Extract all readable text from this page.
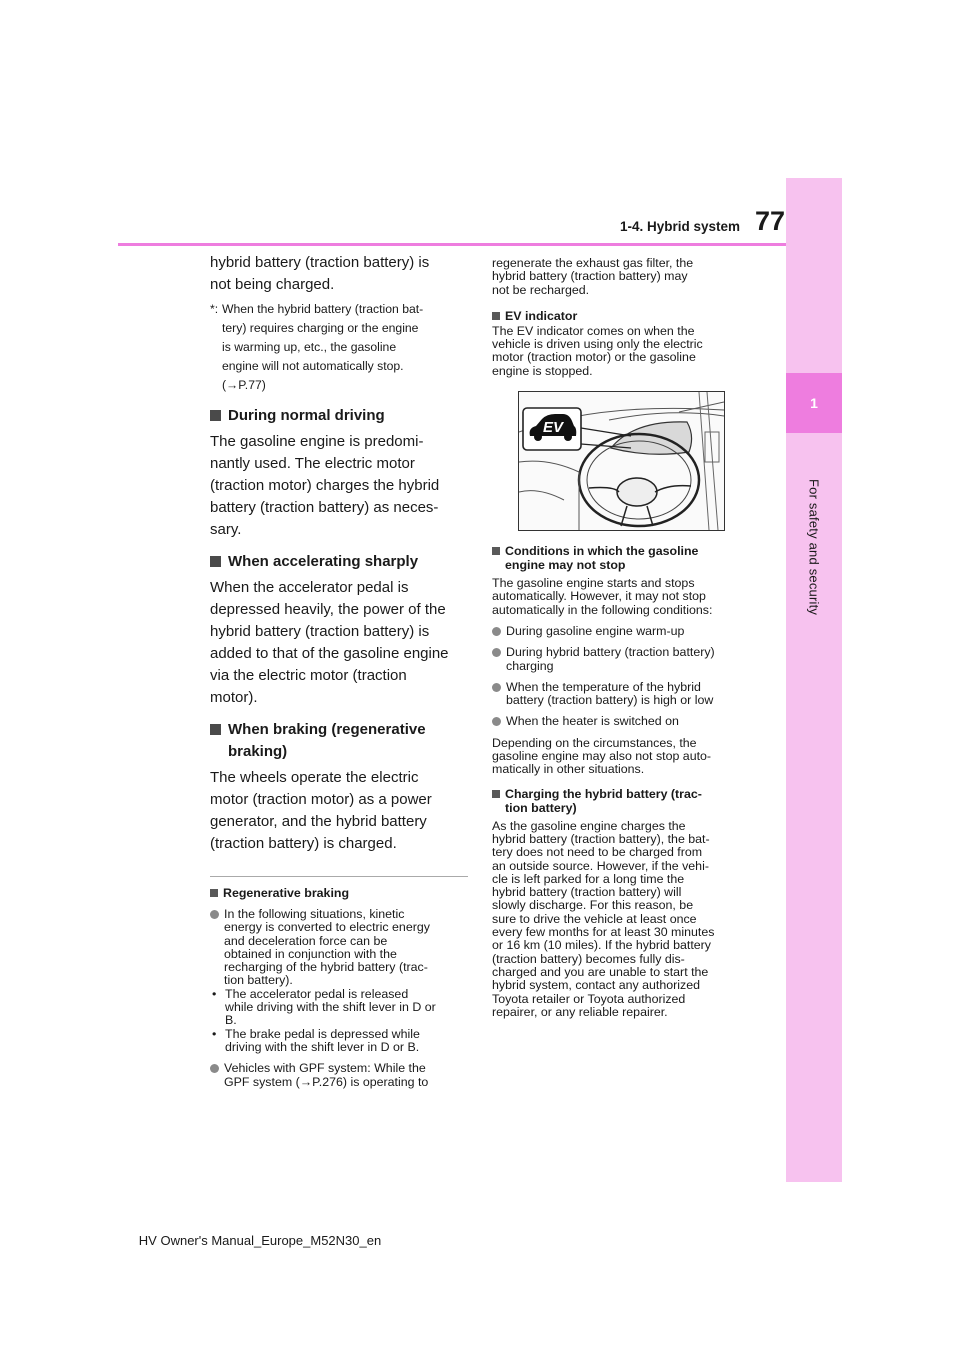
1
For safety and security
1-4. Hybrid system 77
HV Owner's Manual_Europe_M52N30_en

hybrid battery (traction battery) is
not being charged.

*: When the hybrid battery (traction bat-
tery) requires charging or the engine
is warming up, etc., the gasoline
engine will not automatically stop.
(→P.77)
During normal driving

The gasoline engine is predomi-
nantly used. The electric motor
(traction motor) charges the hybrid
battery (traction battery) as neces-
sary.

When accelerating sharply

When the accelerator pedal is
depressed heavily, the power of the
hybrid battery (traction battery) is
added to that of the gasoline engine
via the electric motor (traction
motor).

When braking (regenerative
braking)

The wheels operate the electric
motor (traction motor) as a power
generator, and the hybrid battery
(traction battery) is charged.

Regenerative braking
In the following situations, kinetic
energy is converted to electric energy
and deceleration force can be
obtained in conjunction with the
recharging of the hybrid battery (trac-
tion battery).
• The accelerator pedal is released
while driving with the shift lever in D or
B.
• The brake pedal is depressed while
driving with the shift lever in D or B.
Vehicles with GPF system: While the
GPF system (→P.276) is operating to

regenerate the exhaust gas filter, the
hybrid battery (traction battery) may
not be recharged.

EV indicator

The EV indicator comes on when the
vehicle is driven using only the electric
motor (traction motor) or the gasoline
engine is stopped.

EV
Conditions in which the gasoline
engine may not stop

The gasoline engine starts and stops
automatically. However, it may not stop
automatically in the following conditions:

During gasoline engine warm-up
During hybrid battery (traction battery)
charging
When the temperature of the hybrid
battery (traction battery) is high or low
When the heater is switched on

Depending on the circumstances, the
gasoline engine may also not stop auto-
matically in other situations.

Charging the hybrid battery (trac-
tion battery)

As the gasoline engine charges the
hybrid battery (traction battery), the bat-
tery does not need to be charged from
an outside source. However, if the vehi-
cle is left parked for a long time the
hybrid battery (traction battery) will
slowly discharge. For this reason, be
sure to drive the vehicle at least once
every few months for at least 30 minutes
or 16 km (10 miles). If the hybrid battery
(traction battery) becomes fully dis-
charged and you are unable to start the
hybrid system, contact any authorized
Toyota retailer or Toyota authorized
repairer, or any reliable repairer.
